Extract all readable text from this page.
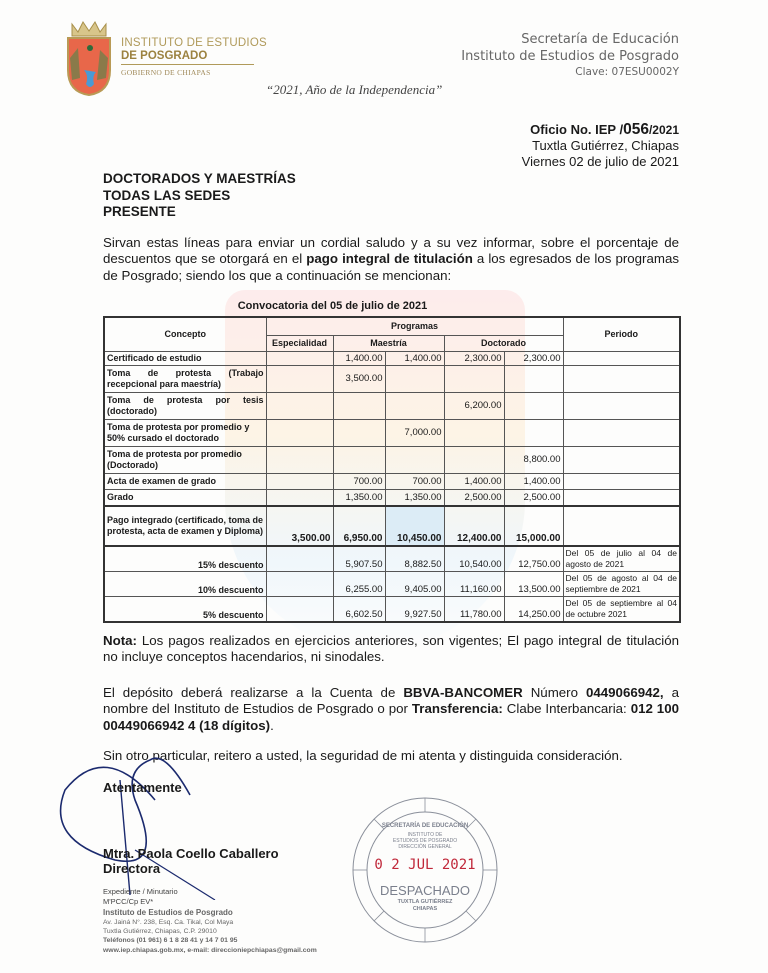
INSTITUTO DE ESTUDIOS
DE POSGRADO
GOBIERNO DE CHIAPAS
“2021, Año de la Independencia”
Secretaría de Educación
Instituto de Estudios de Posgrado
Clave: 07ESU0002Y
Oficio No. IEP /056/2021
Tuxtla Gutiérrez, Chiapas
Viernes 02 de julio de 2021
DOCTORADOS Y MAESTRÍAS
TODAS LAS SEDES
PRESENTE
Sirvan estas líneas para enviar un cordial saludo y a su vez informar, sobre el porcentaje de descuentos que se otorgará en el pago integral de titulación a los egresados de los programas de Posgrado; siendo los que a continuación se mencionan:
Convocatoria del 05 de julio de 2021
Concepto	Programas					Periodo
	Especialidad	Maestría		Doctorado		
Certificado de estudio		1,400.00	1,400.00	2,300.00	2,300.00	
Toma de protesta (Trabajo recepcional para maestría)		3,500.00				
Toma de protesta por tesis (doctorado)				6,200.00		
Toma de protesta por promedio y 50% cursado el doctorado			7,000.00			
Toma de protesta por promedio (Doctorado)					8,800.00	
Acta de examen de grado		700.00	700.00	1,400.00	1,400.00	
Grado		1,350.00	1,350.00	2,500.00	2,500.00	
Pago integrado (certificado, toma de protesta, acta de examen y Diploma)	3,500.00	6,950.00	10,450.00	12,400.00	15,000.00	
15% descuento		5,907.50	8,882.50	10,540.00	12,750.00	Del 05 de julio al 04 de agosto de 2021
10% descuento		6,255.00	9,405.00	11,160.00	13,500.00	Del 05 de agosto al 04 de septiembre de 2021
5% descuento		6,602.50	9,927.50	11,780.00	14,250.00	Del 05 de septiembre al 04 de octubre 2021
Nota: Los pagos realizados en ejercicios anteriores, son vigentes; El pago integral de titulación no incluye conceptos hacendarios, ni sinodales.
El depósito deberá realizarse a la Cuenta de BBVA-BANCOMER Número 0449066942, a nombre del Instituto de Estudios de Posgrado o por Transferencia: Clabe Interbancaria: 012 100 00449066942 4 (18 dígitos).
Sin otro particular, reitero a usted, la seguridad de mi atenta y distinguida consideración.
Atentamente
Mtra. Paola Coello Caballero
Directora
Expediente / Minutario
M'PCC/Cp EV*
Instituto de Estudios de Posgrado
Av. Jainá N°. 238, Esq. Ca. Tikal, Col Maya
Tuxtla Gutiérrez, Chiapas, C.P. 29010
Teléfonos (01 961) 6 1 8 28 41 y 14 7 01 95
www.iep.chiapas.gob.mx, e-mail: direccioniepchiapas@gmail.com
SECRETARÍA DE EDUCACIÓN
INSTITUTO DE
ESTUDIOS DE POSGRADO
DIRECCIÓN GENERAL
0 2 JUL 2021
DESPACHADO
TUXTLA GUTIÉRREZ
CHIAPAS
